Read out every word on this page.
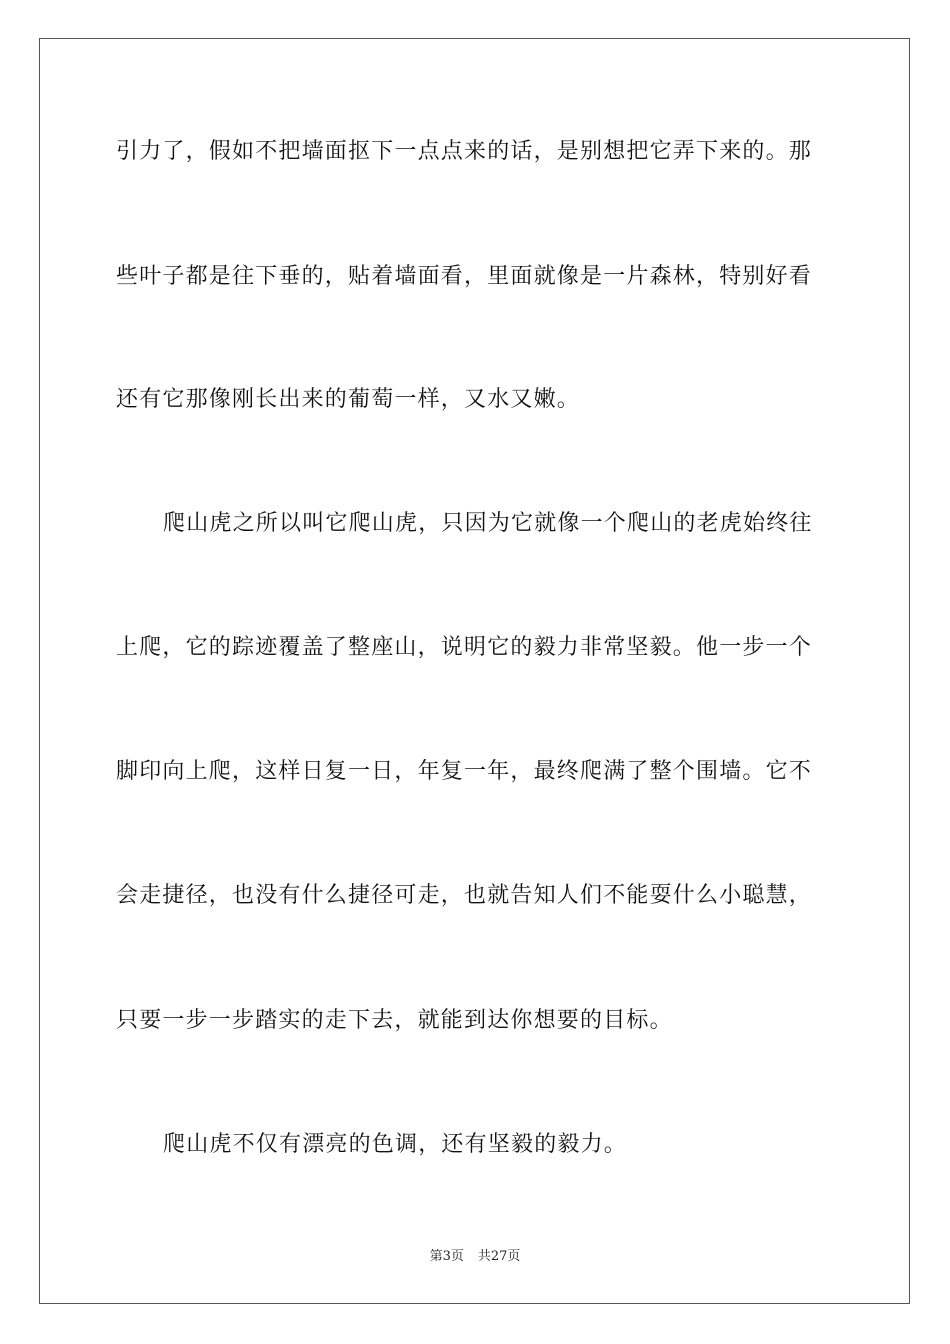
引力了，假如不把墙面抠下一点点来的话，是别想把它弄下来的。那
些叶子都是往下垂的，贴着墙面看，里面就像是一片森林，特别好看
还有它那像刚长出来的葡萄一样，又水又嫩。
爬山虎之所以叫它爬山虎，只因为它就像一个爬山的老虎始终往
上爬，它的踪迹覆盖了整座山，说明它的毅力非常坚毅。他一步一个
脚印向上爬，这样日复一日，年复一年，最终爬满了整个围墙。它不
会走捷径，也没有什么捷径可走，也就告知人们不能耍什么小聪慧，
只要一步一步踏实的走下去，就能到达你想要的目标。
爬山虎不仅有漂亮的色调，还有坚毅的毅力。
第3页 共27页
